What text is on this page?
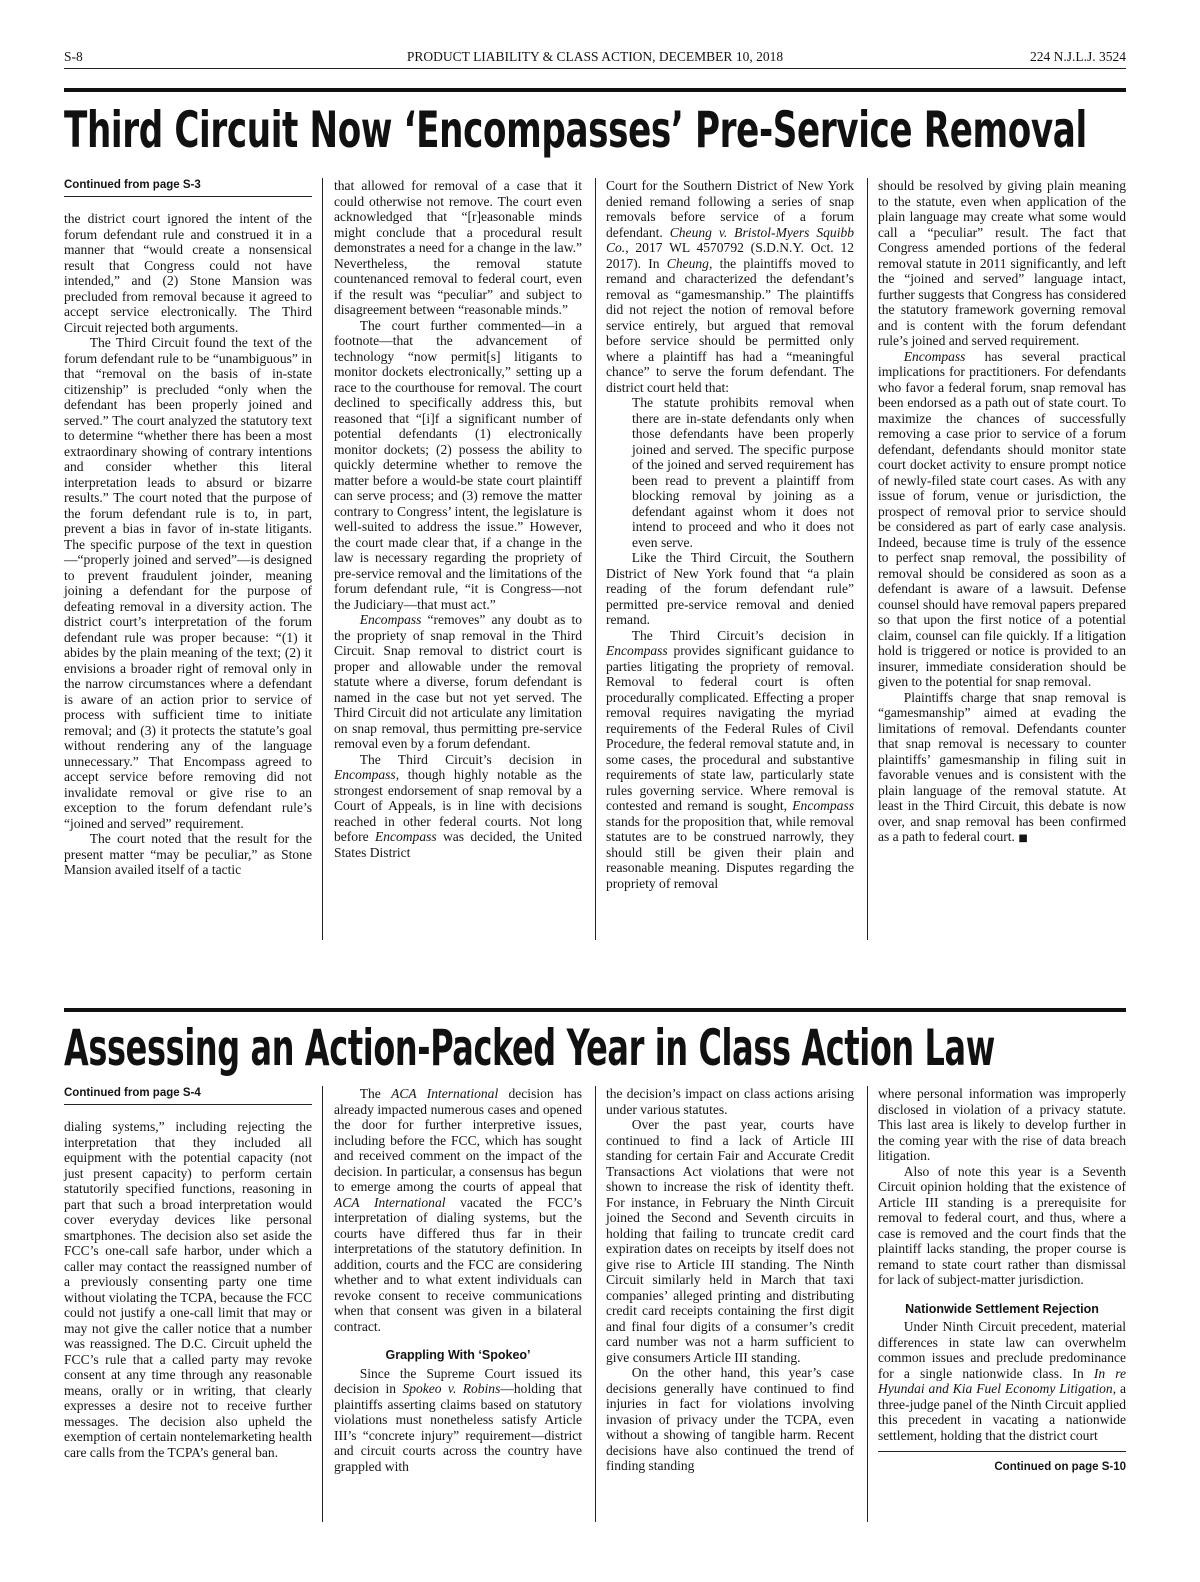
S-8	PRODUCT LIABILITY & CLASS ACTION, DECEMBER 10, 2018	224 N.J.L.J. 3524
Third Circuit Now ‘Encompasses’ Pre-Service Removal
Continued from page S-3

the district court ignored the intent of the forum defendant rule and construed it in a manner that “would create a nonsensical result that Congress could not have intended,” and (2) Stone Mansion was precluded from removal because it agreed to accept service electronically. The Third Circuit rejected both arguments.

The Third Circuit found the text of the forum defendant rule to be “unambiguous” in that “removal on the basis of in-state citizenship” is precluded “only when the defendant has been properly joined and served.” The court analyzed the statutory text to determine “whether there has been a most extraordinary showing of contrary intentions and consider whether this literal interpretation leads to absurd or bizarre results.” The court noted that the purpose of the forum defendant rule is to, in part, prevent a bias in favor of in-state litigants. The specific purpose of the text in question—“properly joined and served”—is designed to prevent fraudulent joinder, meaning joining a defendant for the purpose of defeating removal in a diversity action. The district court’s interpretation of the forum defendant rule was proper because: “(1) it abides by the plain meaning of the text; (2) it envisions a broader right of removal only in the narrow circumstances where a defendant is aware of an action prior to service of process with sufficient time to initiate removal; and (3) it protects the statute’s goal without rendering any of the language unnecessary.” That Encompass agreed to accept service before removing did not invalidate removal or give rise to an exception to the forum defendant rule’s “joined and served” requirement.

The court noted that the result for the present matter “may be peculiar,” as Stone Mansion availed itself of a tactic

that allowed for removal of a case that it could otherwise not remove. The court even acknowledged that “[r]easonable minds might conclude that a procedural result demonstrates a need for a change in the law.” Nevertheless, the removal statute countenanced removal to federal court, even if the result was “peculiar” and subject to disagreement between “reasonable minds.”

The court further commented—in a footnote—that the advancement of technology “now permit[s] litigants to monitor dockets electronically,” setting up a race to the courthouse for removal. The court declined to specifically address this, but reasoned that “[i]f a significant number of potential defendants (1) electronically monitor dockets; (2) possess the ability to quickly determine whether to remove the matter before a would-be state court plaintiff can serve process; and (3) remove the matter contrary to Congress’ intent, the legislature is well-suited to address the issue.” However, the court made clear that, if a change in the law is necessary regarding the propriety of pre-service removal and the limitations of the forum defendant rule, “it is Congress—not the Judiciary—that must act.”

Encompass “removes” any doubt as to the propriety of snap removal in the Third Circuit. Snap removal to district court is proper and allowable under the removal statute where a diverse, forum defendant is named in the case but not yet served. The Third Circuit did not articulate any limitation on snap removal, thus permitting pre-service removal even by a forum defendant.

The Third Circuit’s decision in Encompass, though highly notable as the strongest endorsement of snap removal by a Court of Appeals, is in line with decisions reached in other federal courts. Not long before Encompass was decided, the United States District

Court for the Southern District of New York denied remand following a series of snap removals before service of a forum defendant. Cheung v. Bristol-Myers Squibb Co., 2017 WL 4570792 (S.D.N.Y. Oct. 12 2017). In Cheung, the plaintiffs moved to remand and characterized the defendant’s removal as “gamesmanship.” The plaintiffs did not reject the notion of removal before service entirely, but argued that removal before service should be permitted only where a plaintiff has had a “meaningful chance” to serve the forum defendant. The district court held that:

The statute prohibits removal when there are in-state defendants only when those defendants have been properly joined and served. The specific purpose of the joined and served requirement has been read to prevent a plaintiff from blocking removal by joining as a defendant against whom it does not intend to proceed and who it does not even serve.

Like the Third Circuit, the Southern District of New York found that “a plain reading of the forum defendant rule” permitted pre-service removal and denied remand.

The Third Circuit’s decision in Encompass provides significant guidance to parties litigating the propriety of removal. Removal to federal court is often procedurally complicated. Effecting a proper removal requires navigating the myriad requirements of the Federal Rules of Civil Procedure, the federal removal statute and, in some cases, the procedural and substantive requirements of state law, particularly state rules governing service. Where removal is contested and remand is sought, Encompass stands for the proposition that, while removal statutes are to be construed narrowly, they should still be given their plain and reasonable meaning. Disputes regarding the propriety of removal

should be resolved by giving plain meaning to the statute, even when application of the plain language may create what some would call a “peculiar” result. The fact that Congress amended portions of the federal removal statute in 2011 significantly, and left the “joined and served” language intact, further suggests that Congress has considered the statutory framework governing removal and is content with the forum defendant rule’s joined and served requirement.

Encompass has several practical implications for practitioners. For defendants who favor a federal forum, snap removal has been endorsed as a path out of state court. To maximize the chances of successfully removing a case prior to service of a forum defendant, defendants should monitor state court docket activity to ensure prompt notice of newly-filed state court cases. As with any issue of forum, venue or jurisdiction, the prospect of removal prior to service should be considered as part of early case analysis. Indeed, because time is truly of the essence to perfect snap removal, the possibility of removal should be considered as soon as a defendant is aware of a lawsuit. Defense counsel should have removal papers prepared so that upon the first notice of a potential claim, counsel can file quickly. If a litigation hold is triggered or notice is provided to an insurer, immediate consideration should be given to the potential for snap removal.

Plaintiffs charge that snap removal is “gamesmanship” aimed at evading the limitations of removal. Defendants counter that snap removal is necessary to counter plaintiffs’ gamesmanship in filing suit in favorable venues and is consistent with the plain language of the removal statute. At least in the Third Circuit, this debate is now over, and snap removal has been confirmed as a path to federal court. ■

Assessing an Action-Packed Year in Class Action Law
Continued from page S-4

dialing systems,” including rejecting the interpretation that they included all equipment with the potential capacity (not just present capacity) to perform certain statutorily specified functions, reasoning in part that such a broad interpretation would cover everyday devices like personal smartphones. The decision also set aside the FCC’s one-call safe harbor, under which a caller may contact the reassigned number of a previously consenting party one time without violating the TCPA, because the FCC could not justify a one-call limit that may or may not give the caller notice that a number was reassigned. The D.C. Circuit upheld the FCC’s rule that a called party may revoke consent at any time through any reasonable means, orally or in writing, that clearly expresses a desire not to receive further messages. The decision also upheld the exemption of certain nontelemarketing health care calls from the TCPA’s general ban.

The ACA International decision has already impacted numerous cases and opened the door for further interpretive issues, including before the FCC, which has sought and received comment on the impact of the decision. In particular, a consensus has begun to emerge among the courts of appeal that ACA International vacated the FCC’s interpretation of dialing systems, but the courts have differed thus far in their interpretations of the statutory definition. In addition, courts and the FCC are considering whether and to what extent individuals can revoke consent to receive communications when that consent was given in a bilateral contract.

Grappling With ‘Spokeo’

Since the Supreme Court issued its decision in Spokeo v. Robins—holding that plaintiffs asserting claims based on statutory violations must nonetheless satisfy Article III’s “concrete injury” requirement—district and circuit courts across the country have grappled with

the decision’s impact on class actions arising under various statutes.

Over the past year, courts have continued to find a lack of Article III standing for certain Fair and Accurate Credit Transactions Act violations that were not shown to increase the risk of identity theft. For instance, in February the Ninth Circuit joined the Second and Seventh circuits in holding that failing to truncate credit card expiration dates on receipts by itself does not give rise to Article III standing. The Ninth Circuit similarly held in March that taxi companies’ alleged printing and distributing credit card receipts containing the first digit and final four digits of a consumer’s credit card number was not a harm sufficient to give consumers Article III standing.

On the other hand, this year’s case decisions generally have continued to find injuries in fact for violations involving invasion of privacy under the TCPA, even without a showing of tangible harm. Recent decisions have also continued the trend of finding standing

where personal information was improperly disclosed in violation of a privacy statute. This last area is likely to develop further in the coming year with the rise of data breach litigation.

Also of note this year is a Seventh Circuit opinion holding that the existence of Article III standing is a prerequisite for removal to federal court, and thus, where a case is removed and the court finds that the plaintiff lacks standing, the proper course is remand to state court rather than dismissal for lack of subject-matter jurisdiction.

Nationwide Settlement Rejection

Under Ninth Circuit precedent, material differences in state law can overwhelm common issues and preclude predominance for a single nationwide class. In In re Hyundai and Kia Fuel Economy Litigation, a three-judge panel of the Ninth Circuit applied this precedent in vacating a nationwide settlement, holding that the district court

Continued on page S-10
